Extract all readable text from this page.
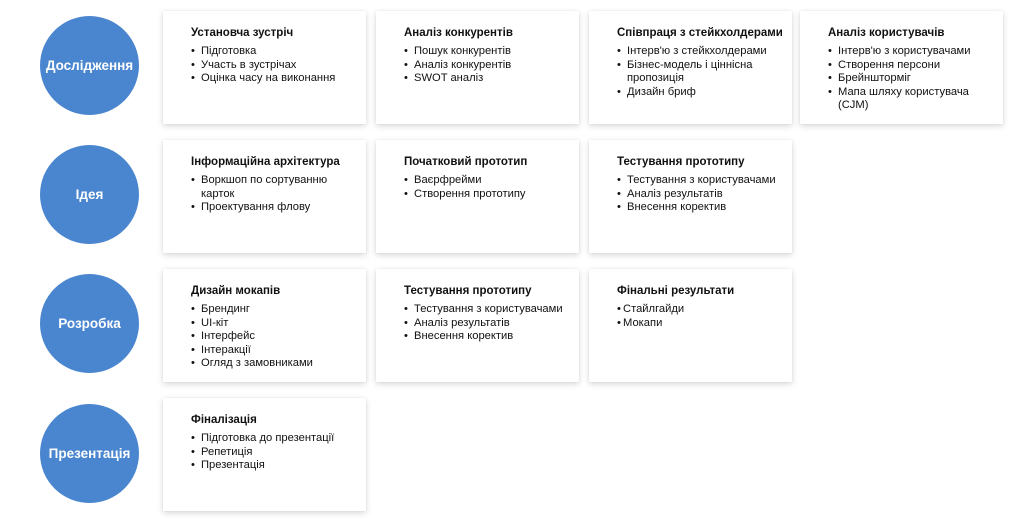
Дослідження
Установча зустріч
• Підготовка
• Участь в зустрічах
• Оцінка часу на виконання
Аналіз конкурентів
• Пошук конкурентів
• Аналіз конкурентів
• SWOT аналіз
Співпраця з стейкхолдерами
• Інтерв'ю з стейкхолдерами
• Бізнес-модель і ціннісна пропозиція
• Дизайн бриф
Аналіз користувачів
• Інтерв'ю з користувачами
• Створення персони
• Брейншторміг
• Мапа шляху користувача (CJM)
Ідея
Інформаційна архітектура
• Воркшоп по сортуванню карток
• Проектування флову
Початковий прототип
• Ваєрфрейми
• Створення прототипу
Тестування прототипу
• Тестування з користувачами
• Аналіз результатів
• Внесення коректив
Розробка
Дизайн мокапів
• Брендинг
• UI-кіт
• Інтерфейс
• Інтеракції
• Огляд з замовниками
Тестування прототипу
• Тестування з користувачами
• Аналіз результатів
• Внесення коректив
Фінальні результати
• Стайлгайди
• Мокапи
Презентація
Фіналізація
• Підготовка до презентації
• Репетиція
• Презентація
